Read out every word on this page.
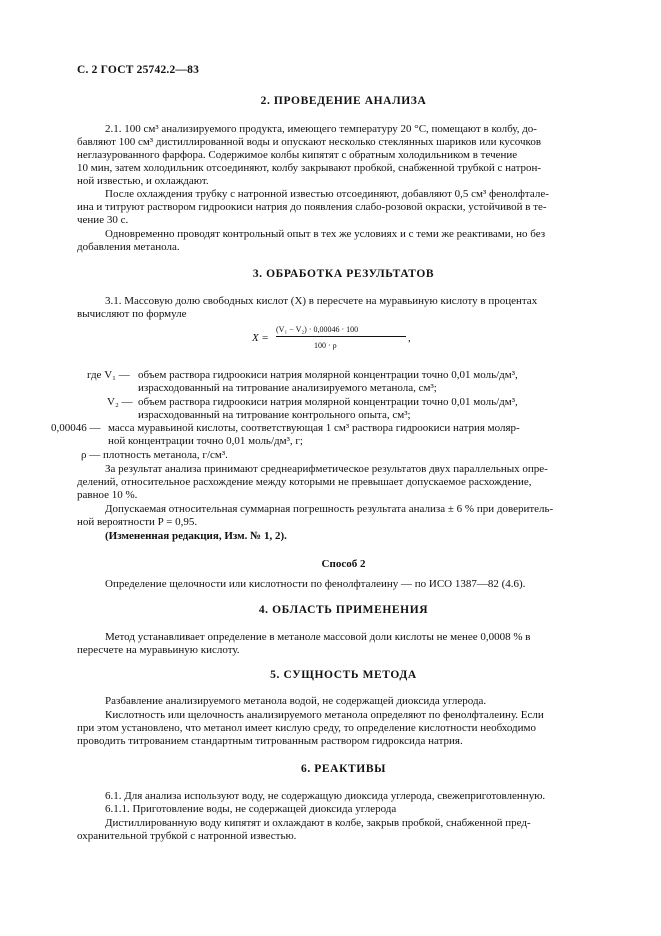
С. 2 ГОСТ 25742.2—83
2. ПРОВЕДЕНИЕ АНАЛИЗА
2.1. 100 см³ анализируемого продукта, имеющего температуру 20 °С, помещают в колбу, до-
бавляют 100 см³ дистиллированной воды и опускают несколько стеклянных шариков или кусочков
неглазурованного фарфора. Содержимое колбы кипятят с обратным холодильником в течение
10 мин, затем холодильник отсоединяют, колбу закрывают пробкой, снабженной трубкой с натрон-
ной известью, и охлаждают.
После охлаждения трубку с натронной известью отсоединяют, добавляют 0,5 см³ фенолфтале-
ина и титруют раствором гидроокиси натрия до появления слабо-розовой окраски, устойчивой в те-
чение 30 с.
Одновременно проводят контрольный опыт в тех же условиях и с теми же реактивами, но без
добавления метанола.
3. ОБРАБОТКА РЕЗУЛЬТАТОВ
3.1. Массовую долю свободных кислот (X) в пересчете на муравьиную кислоту в процентах
вычисляют по формуле
X =
(V₁ − V₂) · 0,00046 · 100
100 · ρ
,
где V₁ — объем раствора гидроокиси натрия молярной концентрации точно 0,01 моль/дм³,
израсходованный на титрование анализируемого метанола, см³;
V₂ — объем раствора гидроокиси натрия молярной концентрации точно 0,01 моль/дм³,
израсходованный на титрование контрольного опыта, см³;
0,00046 — масса муравьиной кислоты, соответствующая 1 см³ раствора гидроокиси натрия моляр-
ной концентрации точно 0,01 моль/дм³, г;
ρ — плотность метанола, г/см³.
За результат анализа принимают среднеарифметическое результатов двух параллельных опре-
делений, относительное расхождение между которыми не превышает допускаемое расхождение,
равное 10 %.
Допускаемая относительная суммарная погрешность результата анализа ± 6 % при доверитель-
ной вероятности P = 0,95.
(Измененная редакция, Изм. № 1, 2).
Способ 2
Определение щелочности или кислотности по фенолфталеину — по ИСО 1387—82 (4.6).
4. ОБЛАСТЬ ПРИМЕНЕНИЯ
Метод устанавливает определение в метаноле массовой доли кислоты не менее 0,0008 % в
пересчете на муравьиную кислоту.
5. СУЩНОСТЬ МЕТОДА
Разбавление анализируемого метанола водой, не содержащей диоксида углерода.
Кислотность или щелочность анализируемого метанола определяют по фенолфталеину. Если
при этом установлено, что метанол имеет кислую среду, то определение кислотности необходимо
проводить титрованием стандартным титрованным раствором гидроксида натрия.
6. РЕАКТИВЫ
6.1. Для анализа используют воду, не содержащую диоксида углерода, свежеприготовленную.
6.1.1. Приготовление воды, не содержащей диоксида углерода
Дистиллированную воду кипятят и охлаждают в колбе, закрыв пробкой, снабженной пред-
охранительной трубкой с натронной известью.
